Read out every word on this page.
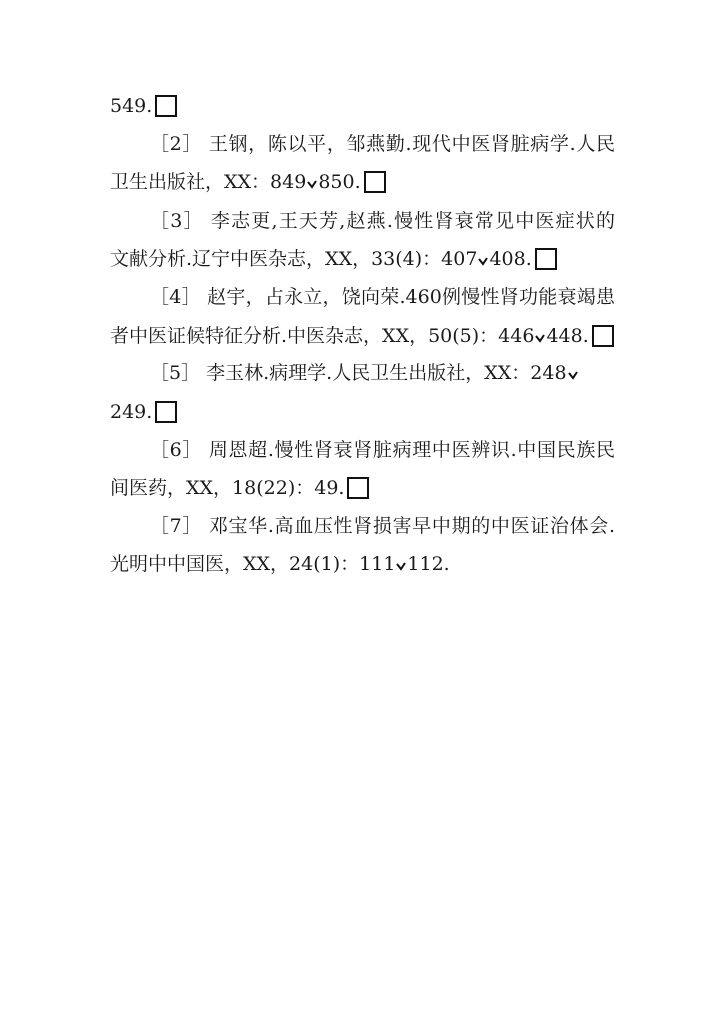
549.
［2］ 王钢，陈以平，邹燕勤.现代中医肾脏病学.人民
卫生出版社，XX：849 850.
［3］ 李志更,王天芳,赵燕.慢性肾衰常见中医症状的
文献分析.辽宁中医杂志，XX，33(4)：407 408.
［4］ 赵宇，占永立，饶向荣.460例慢性肾功能衰竭患
者中医证候特征分析.中医杂志，XX，50(5)：446 448.
［5］ 李玉林.病理学.人民卫生出版社，XX：248
249.
［6］ 周恩超.慢性肾衰肾脏病理中医辨识.中国民族民
间医药，XX，18(22)：49.
［7］ 邓宝华.高血压性肾损害早中期的中医证治体会.
光明中中国医，XX，24(1)：111 112.
